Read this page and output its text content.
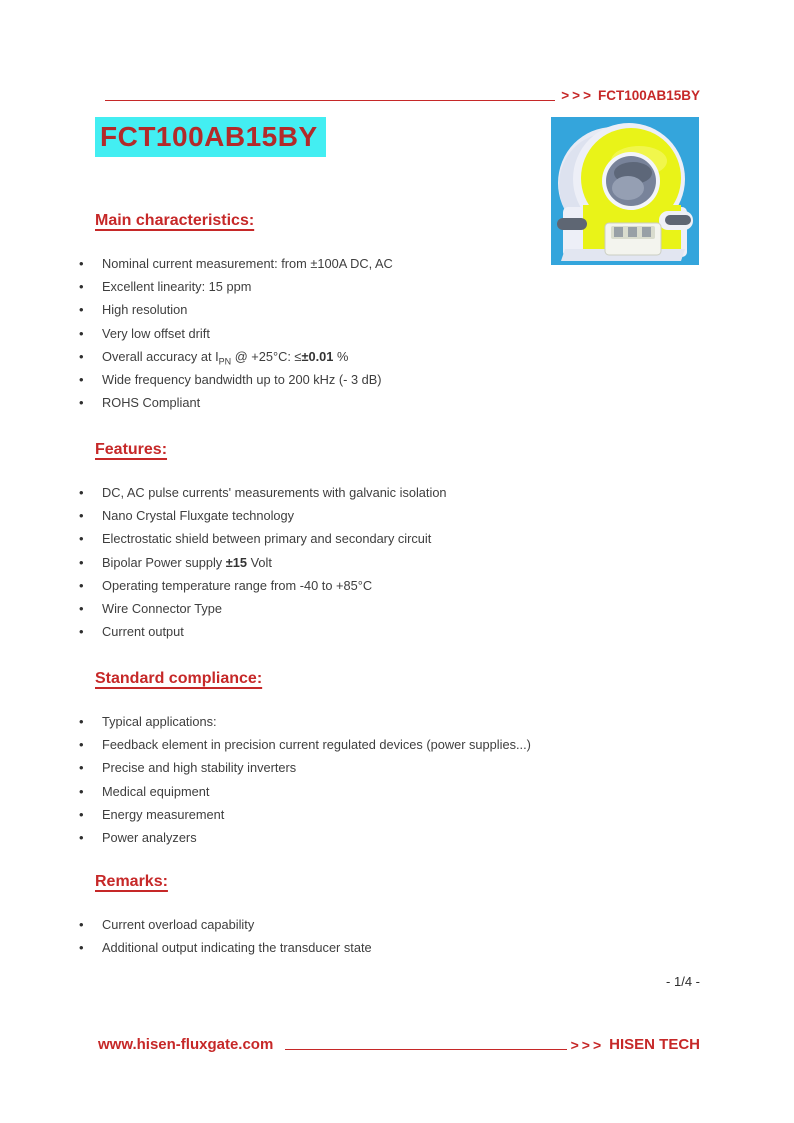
>>> FCT100AB15BY
FCT100AB15BY
Main characteristics:
• Nominal current measurement: from ±100A DC, AC
• Excellent linearity: 15 ppm
• High resolution
• Very low offset drift
• Overall accuracy at $I_{PN}$ @ +25°C: ≤±0.01 %
• Wide frequency bandwidth up to 200 kHz (- 3 dB)
• ROHS Compliant
Features:
• DC, AC pulse currents' measurements with galvanic isolation
• Nano Crystal Fluxgate technology
• Electrostatic shield between primary and secondary circuit
• Bipolar Power supply ±15 Volt
• Operating temperature range from -40 to +85°C
• Wire Connector Type
• Current output
Standard compliance:
• Typical applications:
• Feedback element in precision current regulated devices (power supplies...)
• Precise and high stability inverters
• Medical equipment
• Energy measurement
• Power analyzers
Remarks:
• Current overload capability
• Additional output indicating the transducer state
- 1/4 -
www.hisen-fluxgate.com	>>> HISEN TECH
